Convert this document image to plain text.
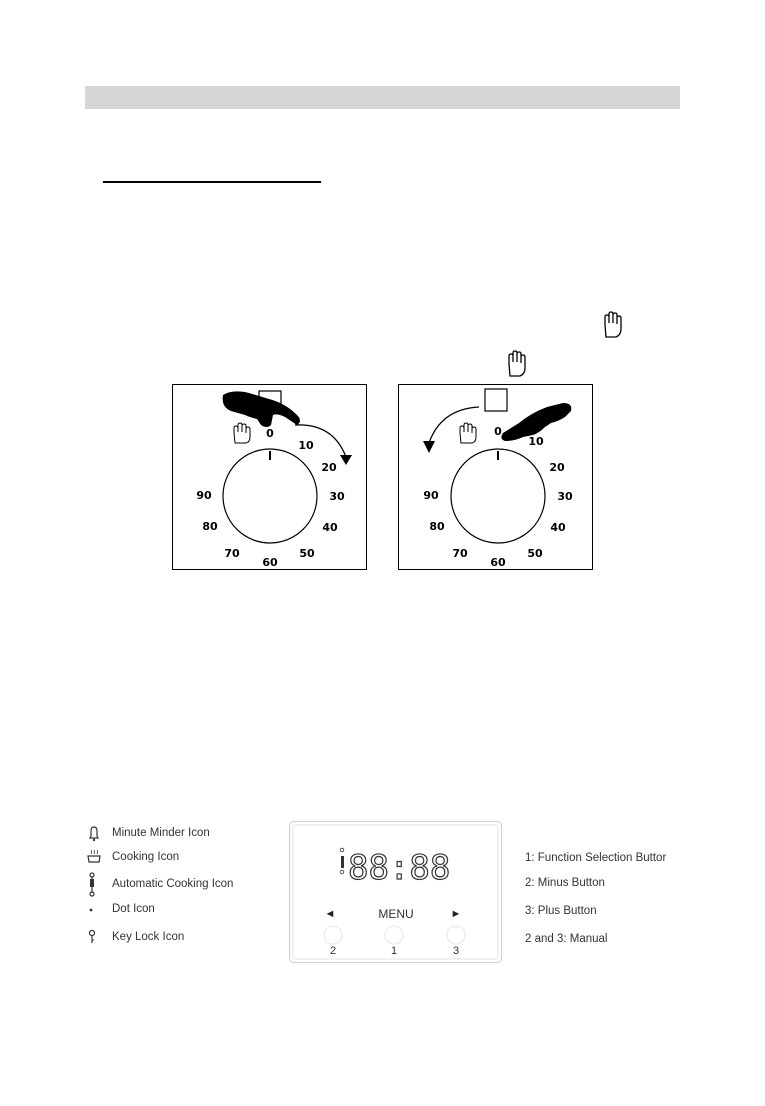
0
10
20
30
40
50
60
70
80
90
0
10
20
30
40
50
60
70
80
90
Minute Minder Icon
Cooking Icon
Automatic Cooking Icon
Dot Icon
Key Lock Icon
88:88
MENU
◄	►
2	1	3
1: Function Selection Buttor
2: Minus Button
3: Plus Button
2 and 3: Manual
